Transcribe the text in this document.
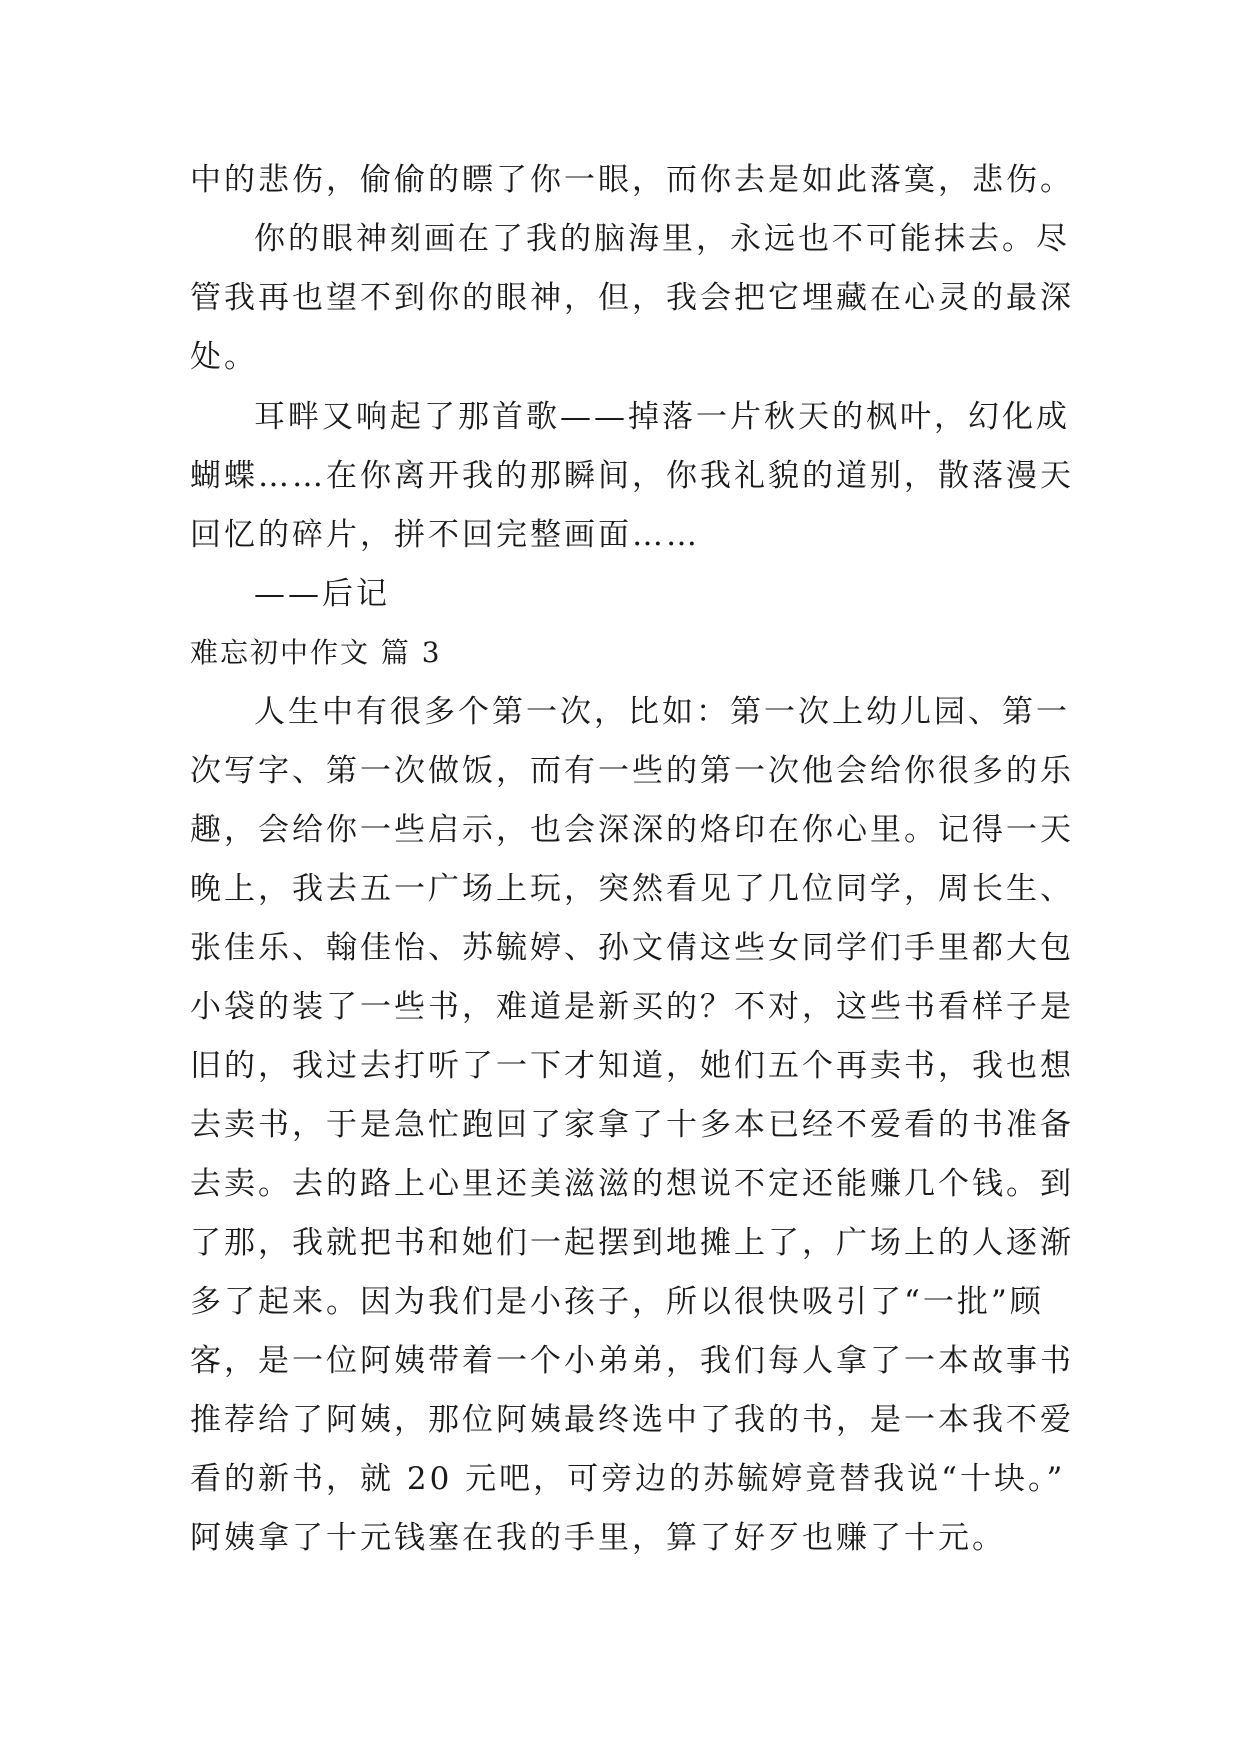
中的悲伤，偷偷的瞟了你一眼，而你去是如此落寞，悲伤。
你的眼神刻画在了我的脑海里，永远也不可能抹去。尽
管我再也望不到你的眼神，但，我会把它埋藏在心灵的最深
处。
耳畔又响起了那首歌——掉落一片秋天的枫叶，幻化成
蝴蝶……在你离开我的那瞬间，你我礼貌的道别，散落漫天
回忆的碎片，拼不回完整画面……
——后记
难忘初中作文 篇 3
人生中有很多个第一次，比如：第一次上幼儿园、第一
次写字、第一次做饭，而有一些的第一次他会给你很多的乐
趣，会给你一些启示，也会深深的烙印在你心里。记得一天
晚上，我去五一广场上玩，突然看见了几位同学，周长生、
张佳乐、翰佳怡、苏毓婷、孙文倩这些女同学们手里都大包
小袋的装了一些书，难道是新买的？不对，这些书看样子是
旧的，我过去打听了一下才知道，她们五个再卖书，我也想
去卖书，于是急忙跑回了家拿了十多本已经不爱看的书准备
去卖。去的路上心里还美滋滋的想说不定还能赚几个钱。到
了那，我就把书和她们一起摆到地摊上了，广场上的人逐渐
多了起来。因为我们是小孩子，所以很快吸引了“一批”顾
客，是一位阿姨带着一个小弟弟，我们每人拿了一本故事书
推荐给了阿姨，那位阿姨最终选中了我的书，是一本我不爱
看的新书，就 20 元吧，可旁边的苏毓婷竟替我说“十块。”
阿姨拿了十元钱塞在我的手里，算了好歹也赚了十元。
